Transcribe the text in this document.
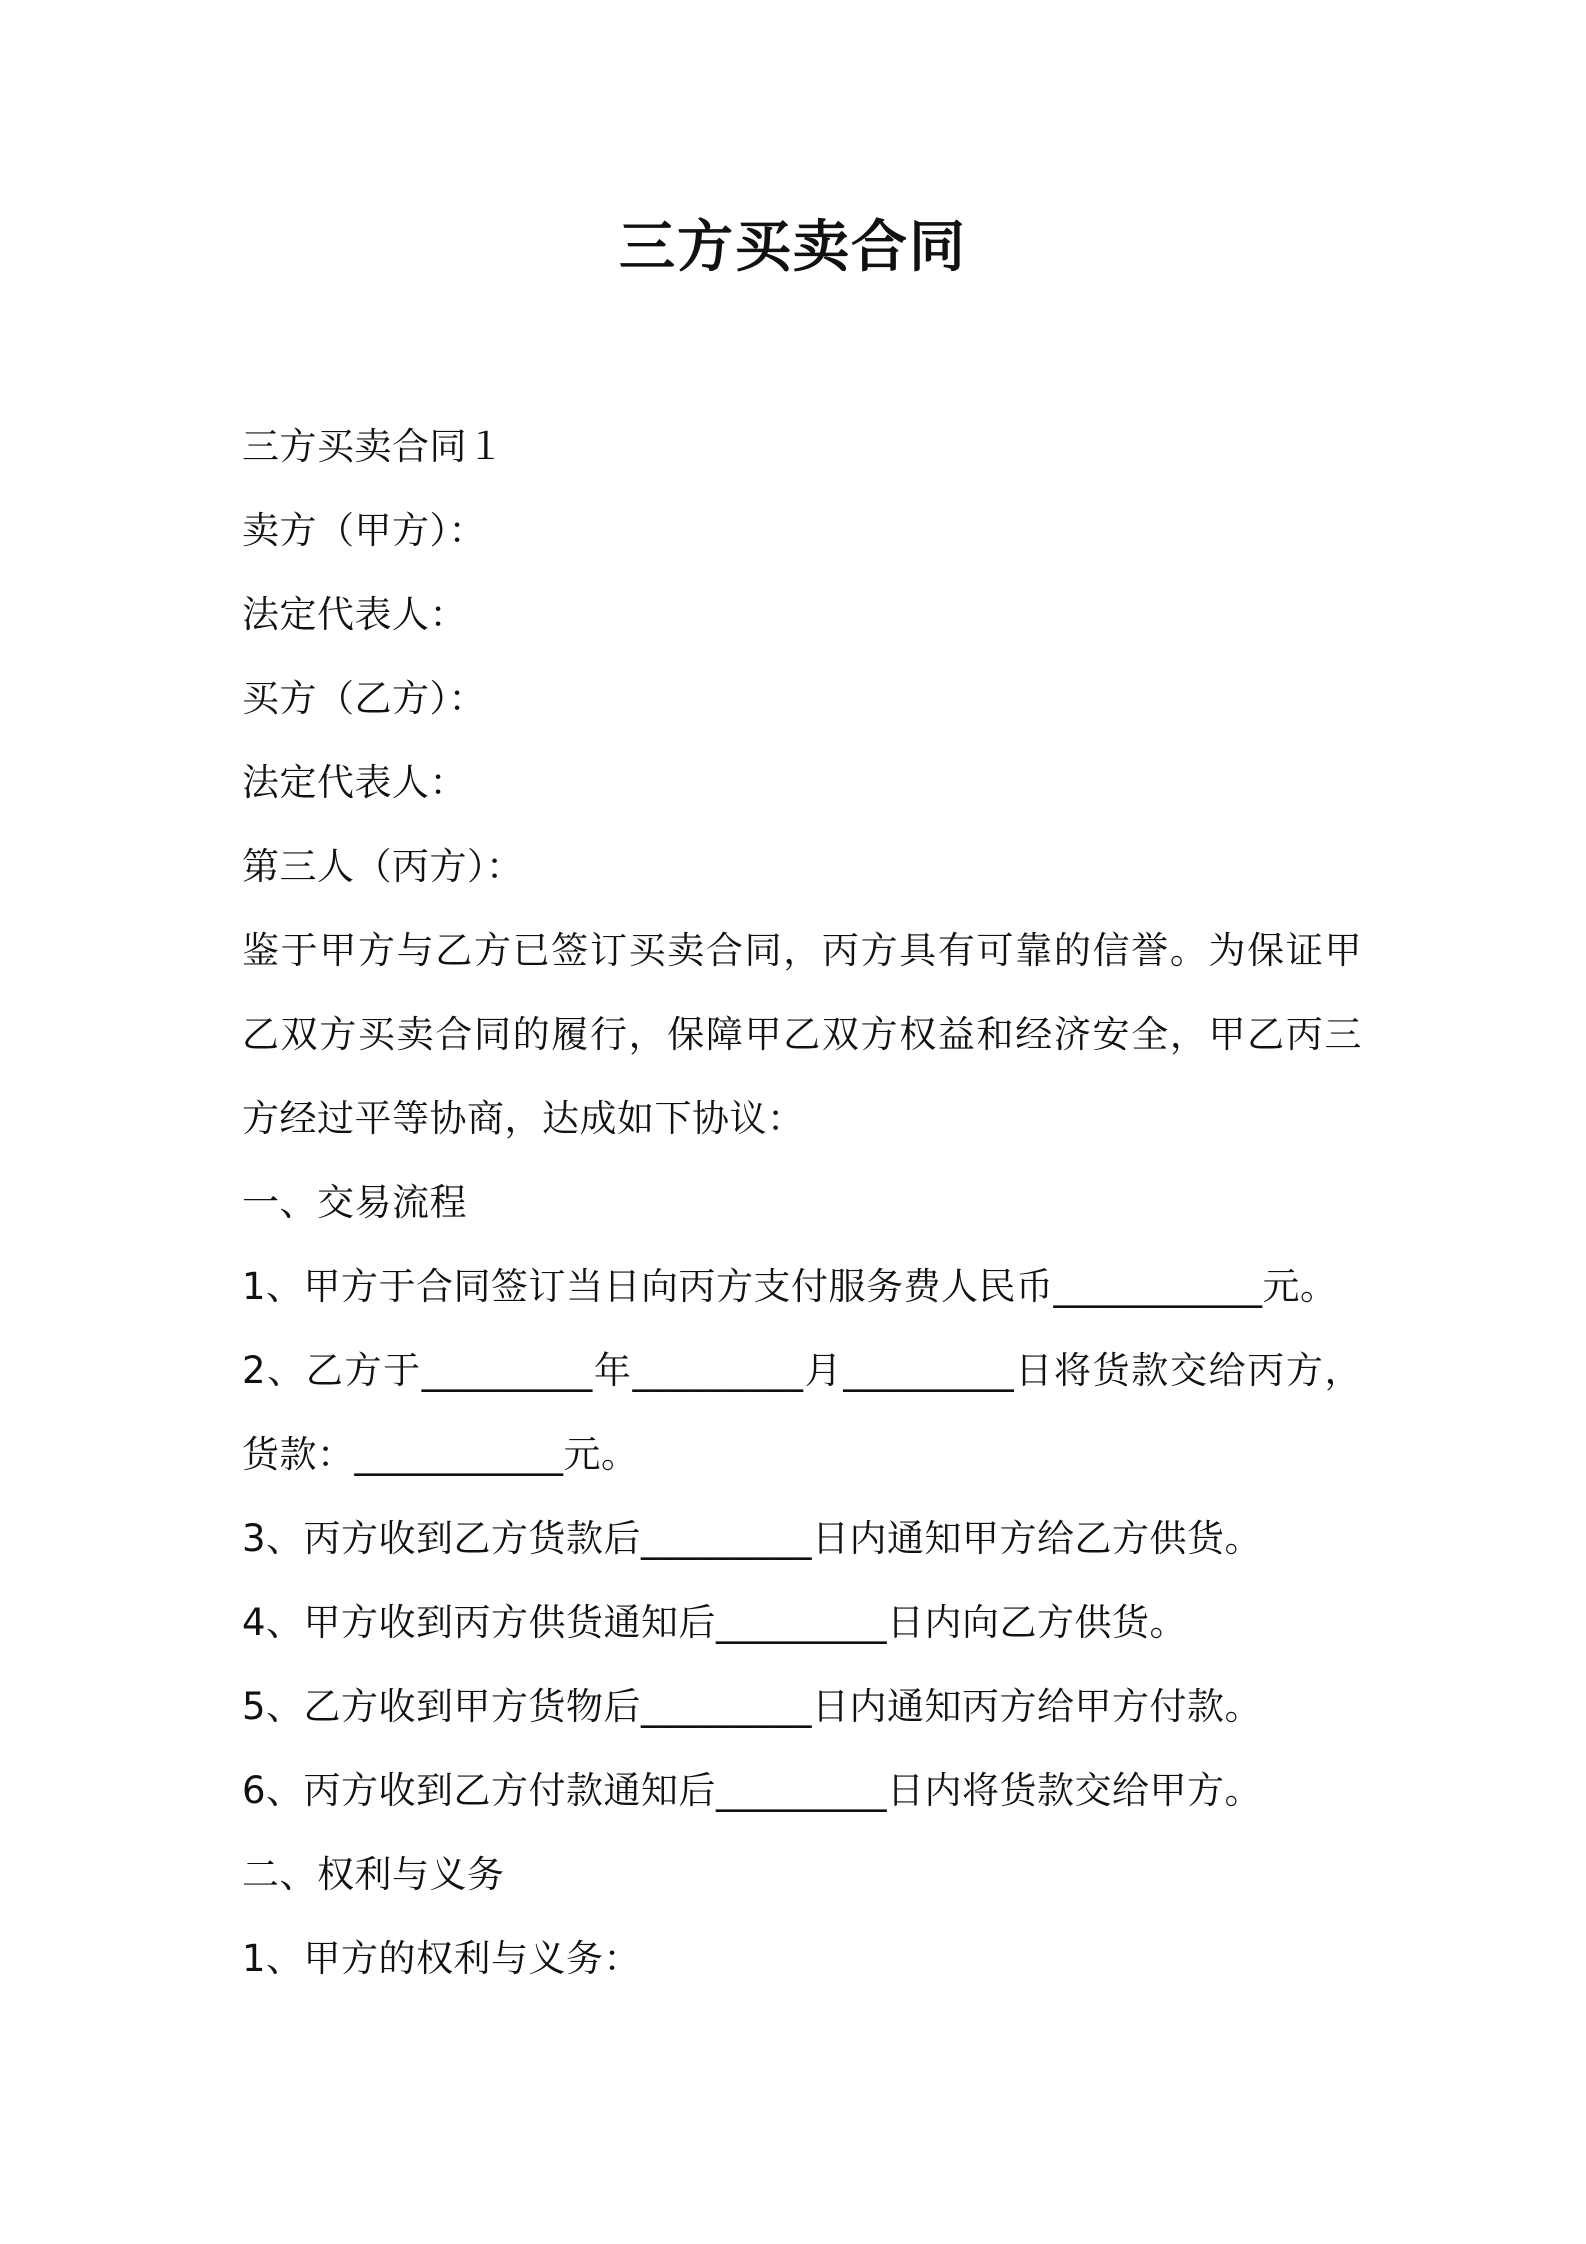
三方买卖合同
三方买卖合同１
卖方（甲方）：
法定代表人：
买方（乙方）：
法定代表人：
第三人（丙方）：
鉴于甲方与乙方已签订买卖合同，丙方具有可靠的信誉。为保证甲乙双方买卖合同的履行，保障甲乙双方权益和经济安全，甲乙丙三方经过平等协商，达成如下协议：
一、交易流程
1、甲方于合同签订当日向丙方支付服务费人民币___________元。
2、乙方于_________年_________月_________日将货款交给丙方，货款：___________元。
3、丙方收到乙方货款后_________日内通知甲方给乙方供货。
4、甲方收到丙方供货通知后_________日内向乙方供货。
5、乙方收到甲方货物后_________日内通知丙方给甲方付款。
6、丙方收到乙方付款通知后_________日内将货款交给甲方。
二、权利与义务
1、甲方的权利与义务：
